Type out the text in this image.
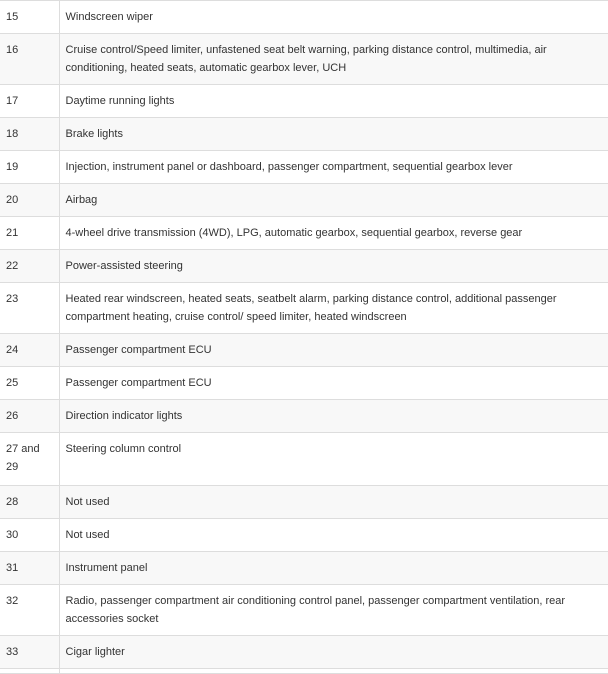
15	Windscreen wiper
16	Cruise control/Speed limiter, unfastened seat belt warning, parking distance control, multimedia, air conditioning, heated seats, automatic gearbox lever, UCH
17	Daytime running lights
18	Brake lights
19	Injection, instrument panel or dashboard, passenger compartment, sequential gearbox lever
20	Airbag
21	4-wheel drive transmission (4WD), LPG, automatic gearbox, sequential gearbox, reverse gear
22	Power-assisted steering
23	Heated rear windscreen, heated seats, seatbelt alarm, parking distance control, additional passenger compartment heating, cruise control/ speed limiter, heated windscreen
24	Passenger compartment ECU
25	Passenger compartment ECU
26	Direction indicator lights
27 and 29	Steering column control
28	Not used
30	Not used
31	Instrument panel
32	Radio, passenger compartment air conditioning control panel, passenger compartment ventilation, rear accessories socket
33	Cigar lighter
